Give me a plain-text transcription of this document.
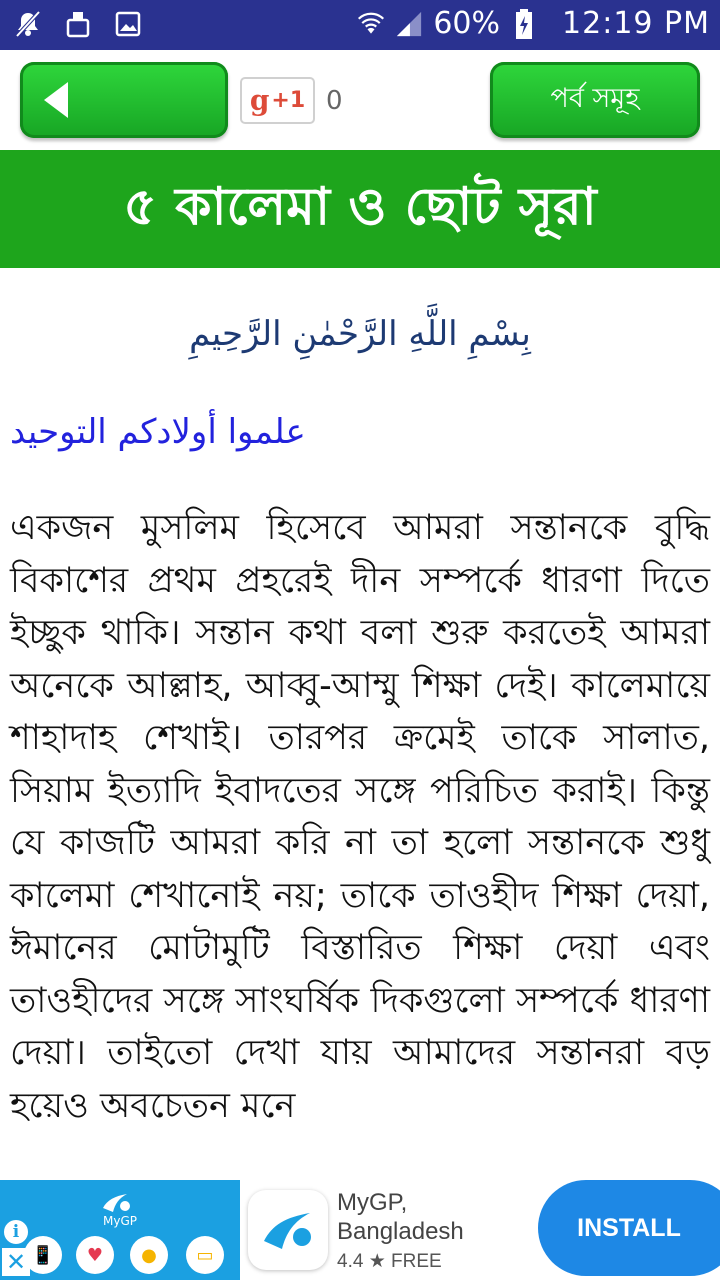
60% 12:19 PM
g +1 0	পর্ব সমূহ
৫ কালেমা ও ছোট সূরা
بِسْمِ اللَّهِ الرَّحْمٰنِ الرَّحِيمِ
علموا أولادكم التوحيد

একজন মুসলিম হিসেবে আমরা সন্তানকে বুদ্ধি বিকাশের প্রথম প্রহরেই দীন সম্পর্কে ধারণা দিতে ইচ্ছুক থাকি। সন্তান কথা বলা শুরু করতেই আমরা অনেকে আল্লাহ, আব্বু-আম্মু শিক্ষা দেই। কালেমায়ে শাহাদাহ শেখাই। তারপর ক্রমেই তাকে সালাত, সিয়াম ইত্যাদি ইবাদতের সঙ্গে পরিচিত করাই। কিন্তু যে কাজটি আমরা করি না তা হলো সন্তানকে শুধু কালেমা শেখানোই নয়; তাকে তাওহীদ শিক্ষা দেয়া, ঈমানের মোটামুটি বিস্তারিত শিক্ষা দেয়া এবং তাওহীদের সঙ্গে সাংঘর্ষিক দিকগুলো সম্পর্কে ধারণা দেয়া। তাইতো দেখা যায় আমাদের সন্তানরা বড় হয়েও অবচেতন মনে

MyGP
📱	♥ ● ▭
i
✕
MyGP,
Bangladesh
4.4 ★ FREE
INSTALL
